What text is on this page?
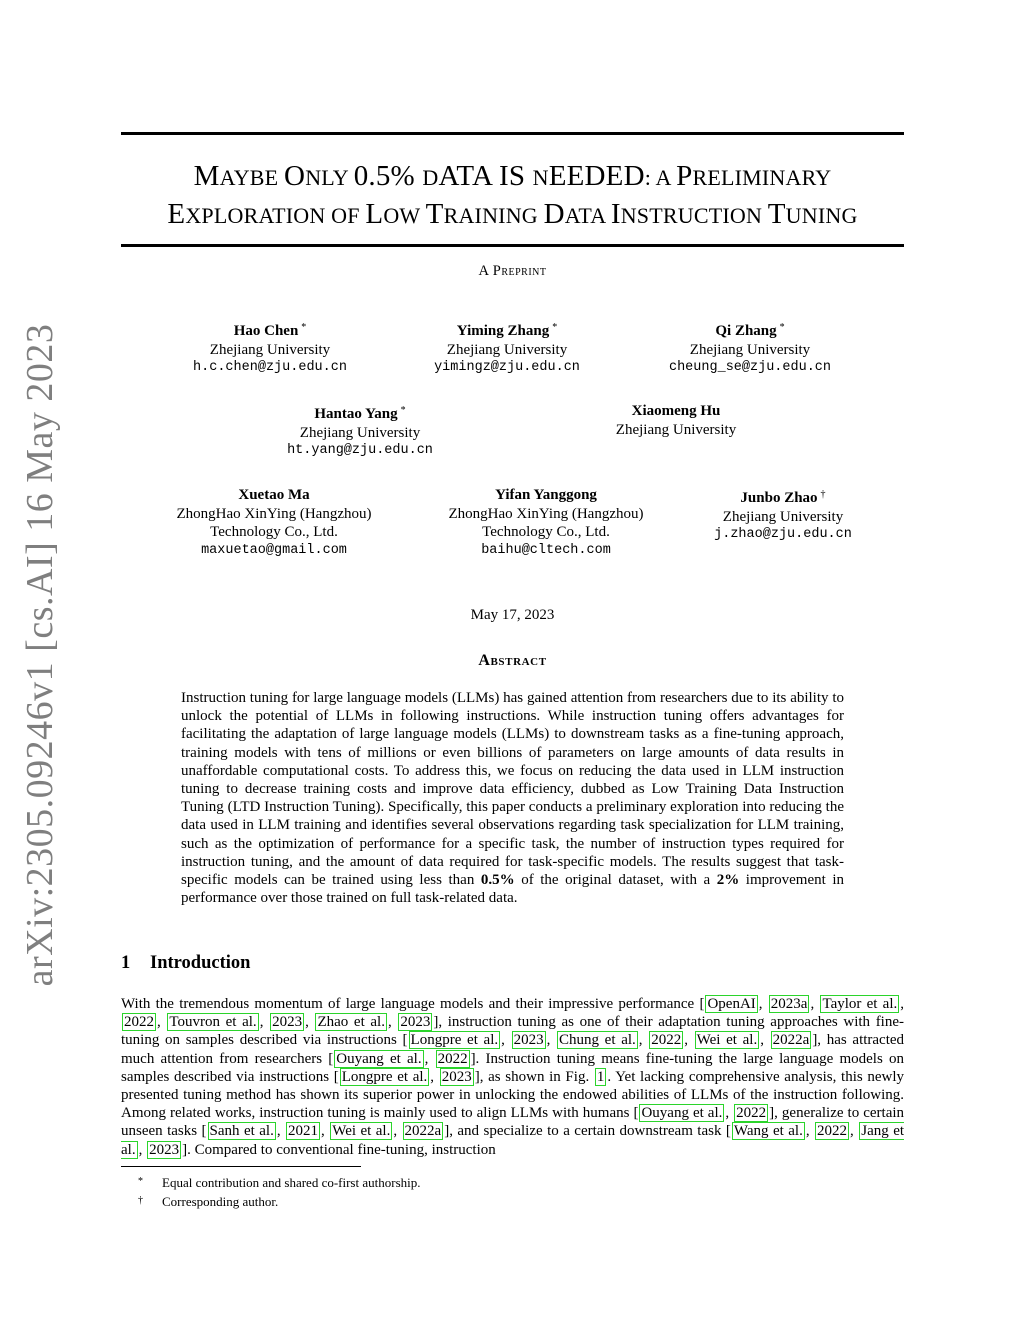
arXiv:2305.09246v1 [cs.AI] 16 May 2023
MAYBE ONLY 0.5% DATA IS NEEDED: A PRELIMINARY
EXPLORATION OF LOW TRAINING DATA INSTRUCTION TUNING
A Preprint
Hao Chen *
Zhejiang University
h.c.chen@zju.edu.cn
Yiming Zhang *
Zhejiang University
yimingz@zju.edu.cn
Qi Zhang *
Zhejiang University
cheung_se@zju.edu.cn
Hantao Yang *
Zhejiang University
ht.yang@zju.edu.cn
Xiaomeng Hu
Zhejiang University
Xuetao Ma
ZhongHao XinYing (Hangzhou)
Technology Co., Ltd.
maxuetao@gmail.com
Yifan Yanggong
ZhongHao XinYing (Hangzhou)
Technology Co., Ltd.
baihu@cltech.com
Junbo Zhao †
Zhejiang University
j.zhao@zju.edu.cn
May 17, 2023
Abstract
Instruction tuning for large language models (LLMs) has gained attention from researchers due to its ability to unlock the potential of LLMs in following instructions. While instruction tuning offers advantages for facilitating the adaptation of large language models (LLMs) to downstream tasks as a fine-tuning approach, training models with tens of millions or even billions of parameters on large amounts of data results in unaffordable computational costs. To address this, we focus on reducing the data used in LLM instruction tuning to decrease training costs and improve data efficiency, dubbed as Low Training Data Instruction Tuning (LTD Instruction Tuning). Specifically, this paper conducts a preliminary exploration into reducing the data used in LLM training and identifies several observations regarding task specialization for LLM training, such as the optimization of performance for a specific task, the number of instruction types required for instruction tuning, and the amount of data required for task-specific models. The results suggest that task-specific models can be trained using less than 0.5% of the original dataset, with a 2% improvement in performance over those trained on full task-related data.
1 Introduction
With the tremendous momentum of large language models and their impressive performance [ OpenAI , 2023a , Taylor et al. , 2022 , Touvron et al. , 2023 , Zhao et al. , 2023 ], instruction tuning as one of their adaptation tuning approaches with fine-tuning on samples described via instructions [ Longpre et al. , 2023 , Chung et al. , 2022 , Wei et al. , 2022a ], has attracted much attention from researchers [ Ouyang et al. , 2022 ]. Instruction tuning means fine-tuning the large language models on samples described via instructions [ Longpre et al. , 2023 ], as shown in Fig. 1 . Yet lacking comprehensive analysis, this newly presented tuning method has shown its superior power in unlocking the endowed abilities of LLMs of the instruction following. Among related works, instruction tuning is mainly used to align LLMs with humans [ Ouyang et al. , 2022 ], generalize to certain unseen tasks [ Sanh et al. , 2021 , Wei et al. , 2022a ], and specialize to a certain downstream task [ Wang et al. , 2022 , Jang et al. , 2023 ]. Compared to conventional fine-tuning, instruction
* Equal contribution and shared co-first authorship.
† Corresponding author.
